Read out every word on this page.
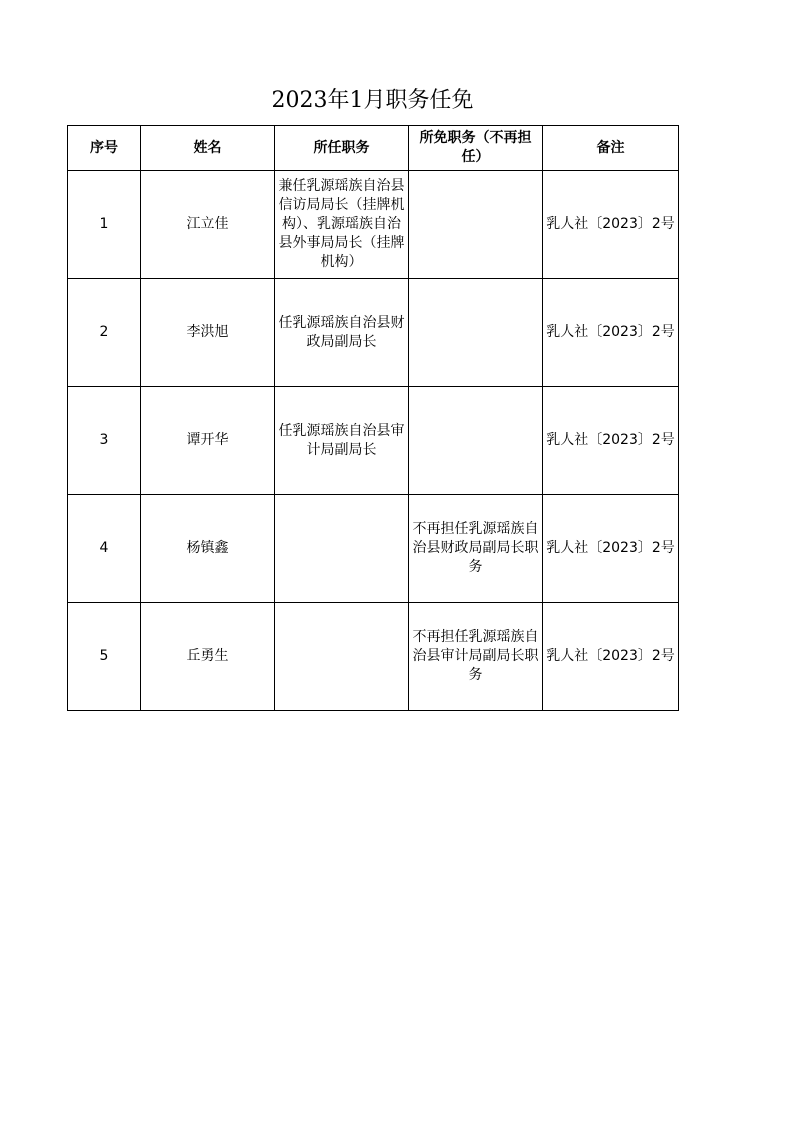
2023年1月职务任免
序号	姓名	所任职务	所免职务（不再担任）	备注
1	江立佳	兼任乳源瑶族自治县信访局局长（挂牌机构）、乳源瑶族自治县外事局局长（挂牌机构）		乳人社〔2023〕2号
2	李洪旭	任乳源瑶族自治县财政局副局长		乳人社〔2023〕2号
3	谭开华	任乳源瑶族自治县审计局副局长		乳人社〔2023〕2号
4	杨镇鑫		不再担任乳源瑶族自治县财政局副局长职务	乳人社〔2023〕2号
5	丘勇生		不再担任乳源瑶族自治县审计局副局长职务	乳人社〔2023〕2号
